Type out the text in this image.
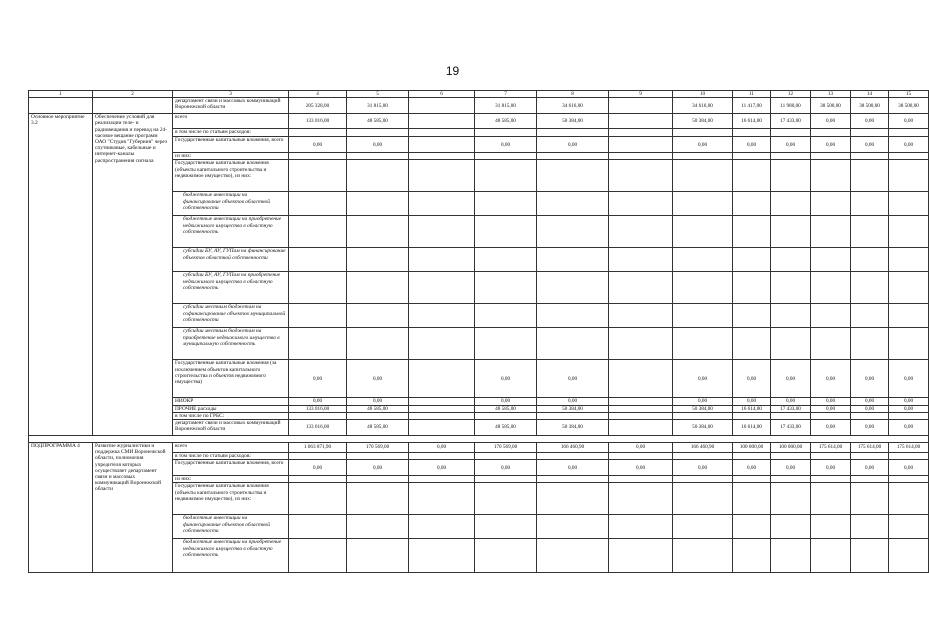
19
1	2	3	4	5	6	7	8	9	10	11	12	13	14	15
		департамент связи и массовых коммуникаций Воронежской области	205 328,00	31 815,00		31 815,00	34 616,00		34 616,00	11 417,00	11 980,00	38 500,00	38 500,00	38 500,00
Основное мероприятие 3.2	Обеспечение условий для реализации теле- и радиовещания и перевод на 24-часовое вещание программ ОАО "Студия "Губерния" через спутниковые, кабельные и интернет-каналы распространения сигнала	всего	133 016,00	48 585,00		48 585,00	50 384,00		50 384,00	16 614,00	17 433,00	0,00	0,00	0,00
		в том числе по статьям расходов:												
		Государственные капитальные вложения, всего	0,00	0,00		0,00	0,00		0,00	0,00	0,00	0,00	0,00	0,00
		из них:												
		Государственные капитальные вложения (объекты капитального строительства и недвижимое имущество), из них:												
		бюджетные инвестиции на финансирование объектов областной собственности												
		бюджетные инвестиции на приобретение недвижимого имущества в областную собственность												
		субсидии БУ, АУ, ГУПам на финансирование объектов областной собственности												
		субсидии БУ, АУ, ГУПам на приобретение недвижимого имущества в областную собственность												
		субсидии местным бюджетам на софинансирование объектов муниципальной собственности												
		субсидии местным бюджетам на приобретение недвижимого имущества в муниципальную собственность												
		Государственные капитальные вложения (за исключением объектов капитального строительства и объектов недвижимого имущества)	0,00	0,00		0,00	0,00		0,00	0,00	0,00	0,00	0,00	0,00
		НИОКР	0,00	0,00		0,00	0,00		0,00	0,00	0,00	0,00	0,00	0,00
		ПРОЧИЕ расходы	133 016,00	48 585,00		48 585,00	50 384,00		50 384,00	16 614,00	17 433,00	0,00	0,00	0,00
		в том числе по ГРБС:												
		департамент связи и массовых коммуникаций Воронежской области	133 016,00	48 585,00		48 585,00	50 384,00		50 384,00	16 614,00	17 433,00	0,00	0,00	0,00

ПОДПРОГРАММА 4	Развитие журналистики и поддержка СМИ Воронежской области, полномочия учредителя которых осуществляет департамент связи и массовых коммуникаций Воронежской области	всего	1 063 871,90	170 569,00	0,00	170 569,00	166 460,90	0,00	166 460,90	100 000,00	100 000,00	175 614,00	175 614,00	175 614,00
		в том числе по статьям расходов:												
		Государственные капитальные вложения, всего	0,00	0,00	0,00	0,00	0,00	0,00	0,00	0,00	0,00	0,00	0,00	0,00
		из них:												
		Государственные капитальные вложения (объекты капитального строительства и недвижимое имущество), из них:												
		бюджетные инвестиции на финансирование объектов областной собственности												
		бюджетные инвестиции на приобретение недвижимого имущества в областную собственность												
